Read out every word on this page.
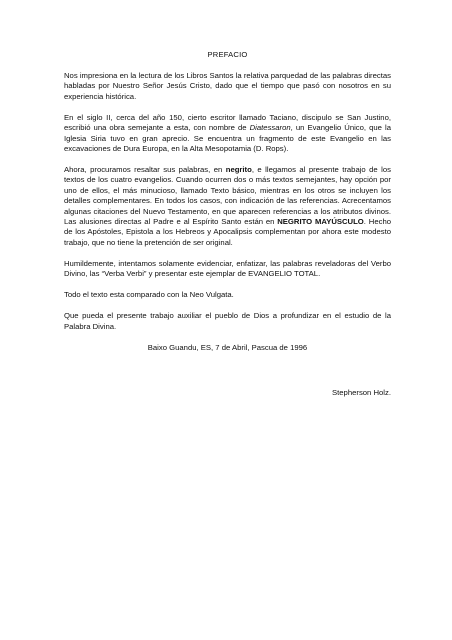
PREFACIO
Nos impresiona en la lectura de los Libros Santos la relativa parquedad de las palabras directas habladas por Nuestro Señor Jesús Cristo, dado que el tiempo que pasó con nosotros en su experiencia histórica.
En el siglo II, cerca del año 150, cierto escritor llamado Taciano, discipulo se San Justino, escribió una obra semejante a esta, con nombre de Diatessaron, un Evangelio Único, que la Iglesia Siria tuvo en gran aprecio. Se encuentra un fragmento de este Evangelio en las excavaciones de Dura Europa, en la Alta Mesopotamia (D. Rops).
Ahora, procuramos resaltar sus palabras, en negrito, e llegamos al presente trabajo de los textos de los cuatro evangelios. Cuando ocurren dos o más textos semejantes, hay opción por uno de ellos, el más minucioso, llamado Texto básico, mientras en los otros se incluyen los detalles complementares. En todos los casos, con indicación de las referencias. Acrecentamos algunas citaciones del Nuevo Testamento, en que aparecen referencias a los atributos divinos. Las alusiones directas al Padre e al Espírito Santo están en NEGRITO MAYÚSCULO. Hecho de los Apóstoles, Epistola a los Hebreos y Apocalipsis complementan por ahora este modesto trabajo, que no tiene la pretención de ser original.
Humildemente, intentamos solamente evidenciar, enfatizar, las palabras reveladoras del Verbo Divino, las “Verba Verbi” y presentar este ejemplar de EVANGELIO TOTAL.
Todo el texto esta comparado con la Neo Vulgata.
Que pueda el presente trabajo auxiliar el pueblo de Dios a profundizar en el estudio de la Palabra Divina.
Baixo Guandu, ES, 7 de Abril, Pascua de 1996
Stepherson Holz.
